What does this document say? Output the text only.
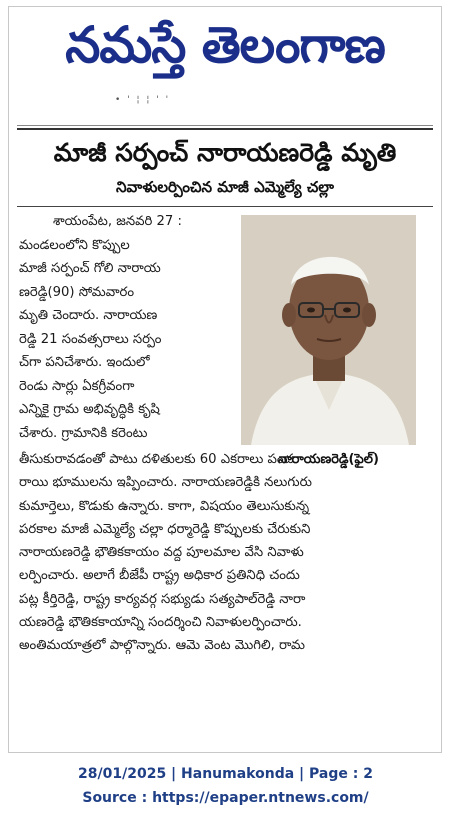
నమస్తే తెలంగాణ
• ' ¦ ¦ ' '
మాజీ సర్పంచ్ నారాయణరెడ్డి మృతి
నివాళులర్పించిన మాజీ ఎమ్మెల్యే చల్లా
నారాయణరెడ్డి(ఫైల్)

శాయంపేట, జనవరి 27 :

మండలంలోని కొప్పుల

మాజీ సర్పంచ్ గోలి నారాయ

ణరెడ్డి(90) సోమవారం

మృతి చెందారు. నారాయణ

రెడ్డి 21 సంవత్సరాలు సర్పం

చ్‌గా పనిచేశారు. ఇందులో

రెండు సార్లు ఏకగ్రీవంగా

ఎన్నికై గ్రామ అభివృద్ధికి కృషి

చేశారు. గ్రామానికి కరెంటు

తీసుకురావడంతో పాటు దళితులకు 60 ఎకరాలు పంచ

రాయి భూములను ఇప్పించారు. నారాయణరెడ్డికి నలుగురు

కుమార్తెలు, కొడుకు ఉన్నారు. కాగా, విషయం తెలుసుకున్న

పరకాల మాజీ ఎమ్మెల్యే చల్లా ధర్మారెడ్డి కొప్పులకు చేరుకుని

నారాయణరెడ్డి భౌతికకాయం వద్ద పూలమాల వేసి నివాళు

లర్పించారు. అలాగే బీజేపీ రాష్ట్ర అధికార ప్రతినిధి చందు

పట్ల కీర్తిరెడ్డి, రాష్ట్ర కార్యవర్గ సభ్యుడు సత్యపాల్‌రెడ్డి నారా

యణరెడ్డి భౌతికకాయాన్ని సందర్శించి నివాళులర్పించారు.

అంతిమయాత్రలో పాల్గొన్నారు. ఆమె వెంట మొగిలి, రామ

28/01/2025 | Hanumakonda | Page : 2
Source : https://epaper.ntnews.com/
